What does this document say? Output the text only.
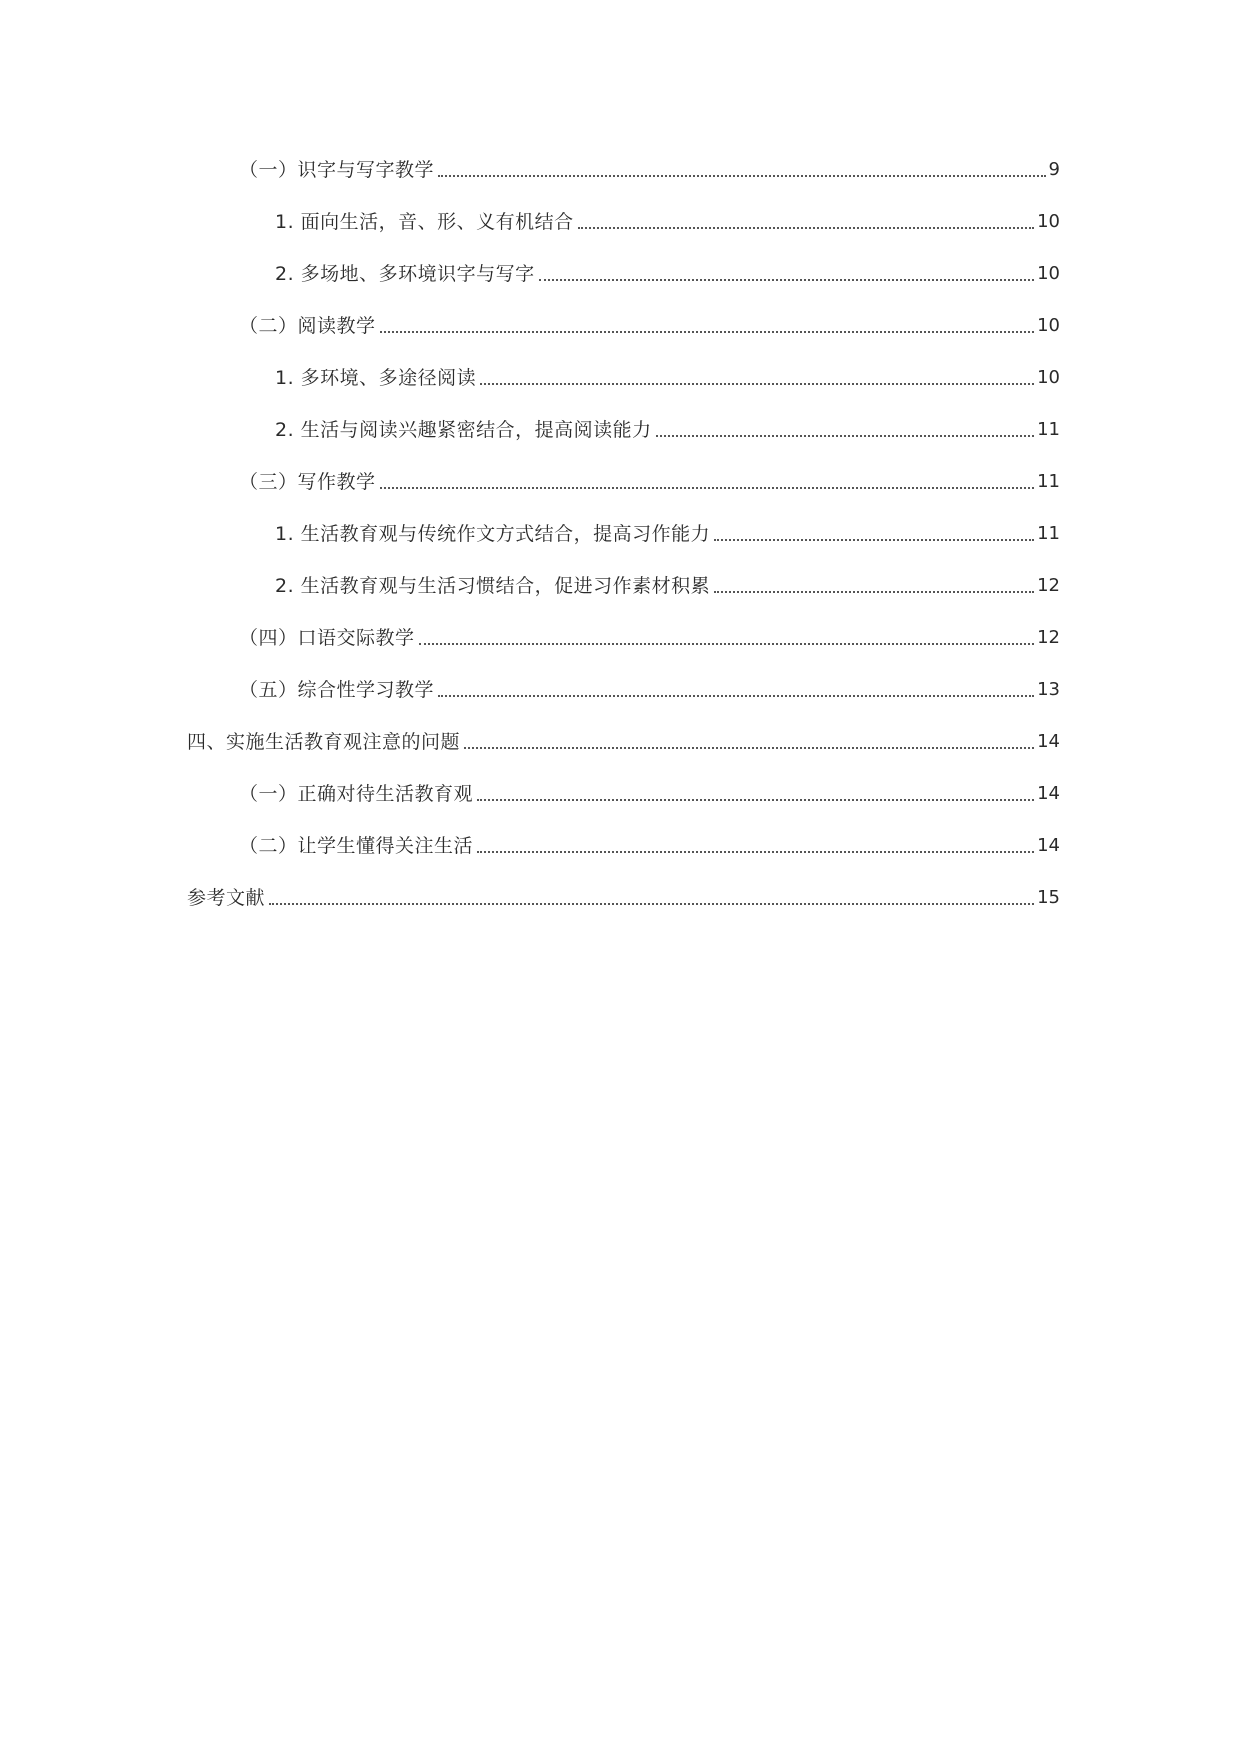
（一）识字与写字教学	9
1. 面向生活，音、形、义有机结合	10
2. 多场地、多环境识字与写字	10
（二）阅读教学	10
1. 多环境、多途径阅读	10
2. 生活与阅读兴趣紧密结合，提高阅读能力	11
（三）写作教学	11
1. 生活教育观与传统作文方式结合，提高习作能力	11
2. 生活教育观与生活习惯结合，促进习作素材积累	12
（四）口语交际教学	12
（五）综合性学习教学	13
四、实施生活教育观注意的问题	14
（一）正确对待生活教育观	14
（二）让学生懂得关注生活	14
参考文献	15
